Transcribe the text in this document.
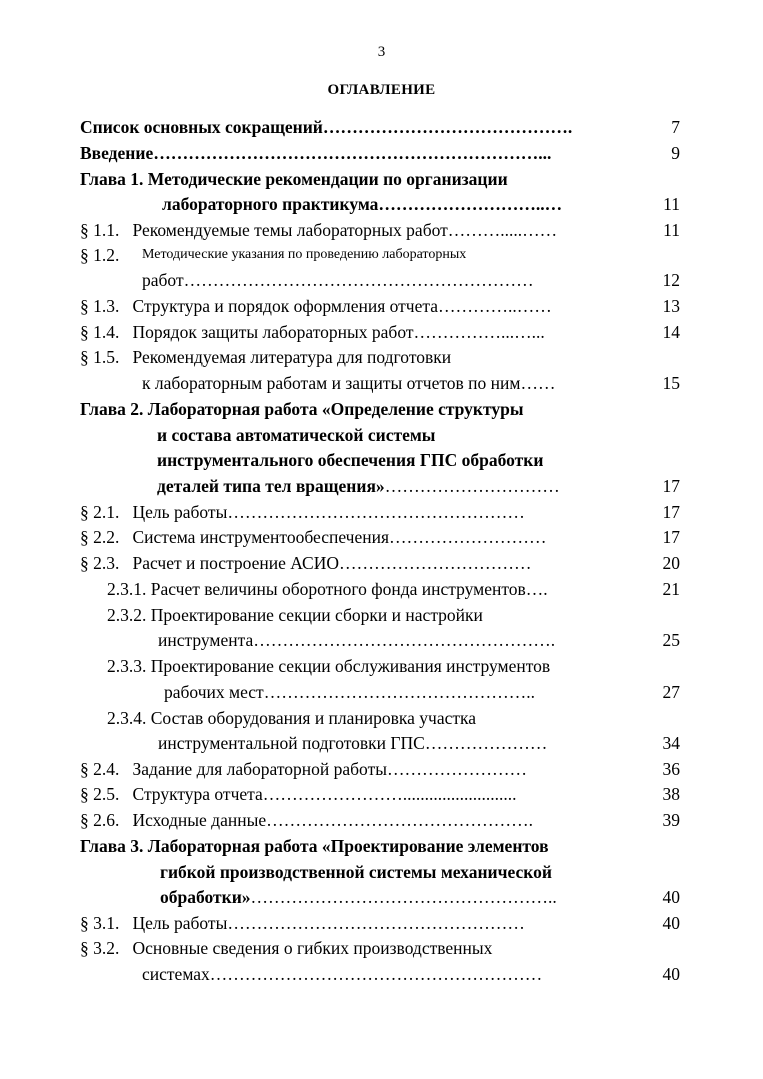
3
ОГЛАВЛЕНИЕ
Список основных сокращений…………………………………….	7
Введение…………………………………………………………...	9
Глава 1. Методические рекомендации по организации
лабораторного практикума………………………..…	11
§ 1.1.   Рекомендуемые темы лабораторных работ……….....……	11
§ 1.2. Методические указания по проведению лабораторных
работ……………………………………………………	12
§ 1.3.   Структура и порядок оформления отчета…………..……	13
§ 1.4.   Порядок защиты лабораторных работ……………...…...	14
§ 1.5.   Рекомендуемая литература для подготовки
к лабораторным работам и защиты отчетов по ним……	15
Глава 2. Лабораторная работа «Определение структуры
и состава автоматической системы
инструментального обеспечения ГПС обработки
деталей типа тел вращения»…………………………	17
§ 2.1.   Цель работы……………………………………………	17
§ 2.2.   Система инструментообеспечения………………………	17
§ 2.3.   Расчет и построение АСИО……………………………	20
2.3.1. Расчет величины оборотного фонда инструментов….	21
2.3.2. Проектирование секции сборки и настройки
инструмента…………………………………………….	25
2.3.3. Проектирование секции обслуживания инструментов
рабочих мест………………………………………..	27
2.3.4. Состав оборудования и планировка участка
инструментальной подготовки ГПС…………………	34
§ 2.4.   Задание для лабораторной работы……………………	36
§ 2.5.   Структура отчета……………………..........................	38
§ 2.6.   Исходные данные……………………………………….	39
Глава 3. Лабораторная работа «Проектирование элементов
гибкой производственной системы механической
обработки»……………………………………………..	40
§ 3.1.   Цель работы……………………………………………	40
§ 3.2.   Основные сведения о гибких производственных
системах…………………………………………………	40
